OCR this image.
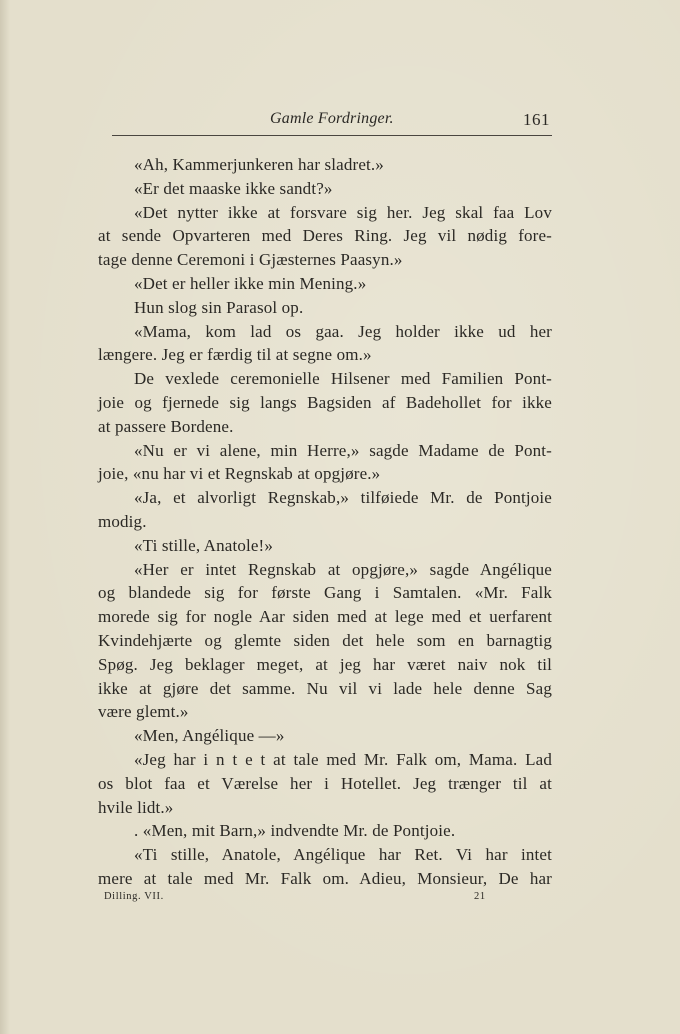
Gamle Fordringer.	161
«Ah, Kammerjunkeren har sladret.»
«Er det maaske ikke sandt?»
«Det nytter ikke at forsvare sig her. Jeg skal faa Lov
at sende Opvarteren med Deres Ring. Jeg vil nødig fore-
tage denne Ceremoni i Gjæsternes Paasyn.»
«Det er heller ikke min Mening.»
Hun slog sin Parasol op.
«Mama, kom lad os gaa. Jeg holder ikke ud her
længere. Jeg er færdig til at segne om.»
De vexlede ceremonielle Hilsener med Familien Pont-
joie og fjernede sig langs Bagsiden af Badehollet for ikke
at passere Bordene.
«Nu er vi alene, min Herre,» sagde Madame de Pont-
joie, «nu har vi et Regnskab at opgjøre.»
«Ja, et alvorligt Regnskab,» tilføiede Mr. de Pontjoie
modig.
«Ti stille, Anatole!»
«Her er intet Regnskab at opgjøre,» sagde Angélique
og blandede sig for første Gang i Samtalen. «Mr. Falk
morede sig for nogle Aar siden med at lege med et uerfarent
Kvindehjærte og glemte siden det hele som en barnagtig
Spøg. Jeg beklager meget, at jeg har været naiv nok til
ikke at gjøre det samme. Nu vil vi lade hele denne Sag
være glemt.»
«Men, Angélique —»
«Jeg har i n t e t at tale med Mr. Falk om, Mama. Lad
os blot faa et Værelse her i Hotellet. Jeg trænger til at
hvile lidt.»
. «Men, mit Barn,» indvendte Mr. de Pontjoie.
«Ti stille, Anatole, Angélique har Ret. Vi har intet
mere at tale med Mr. Falk om. Adieu, Monsieur, De har
Dilling. VII.	21
